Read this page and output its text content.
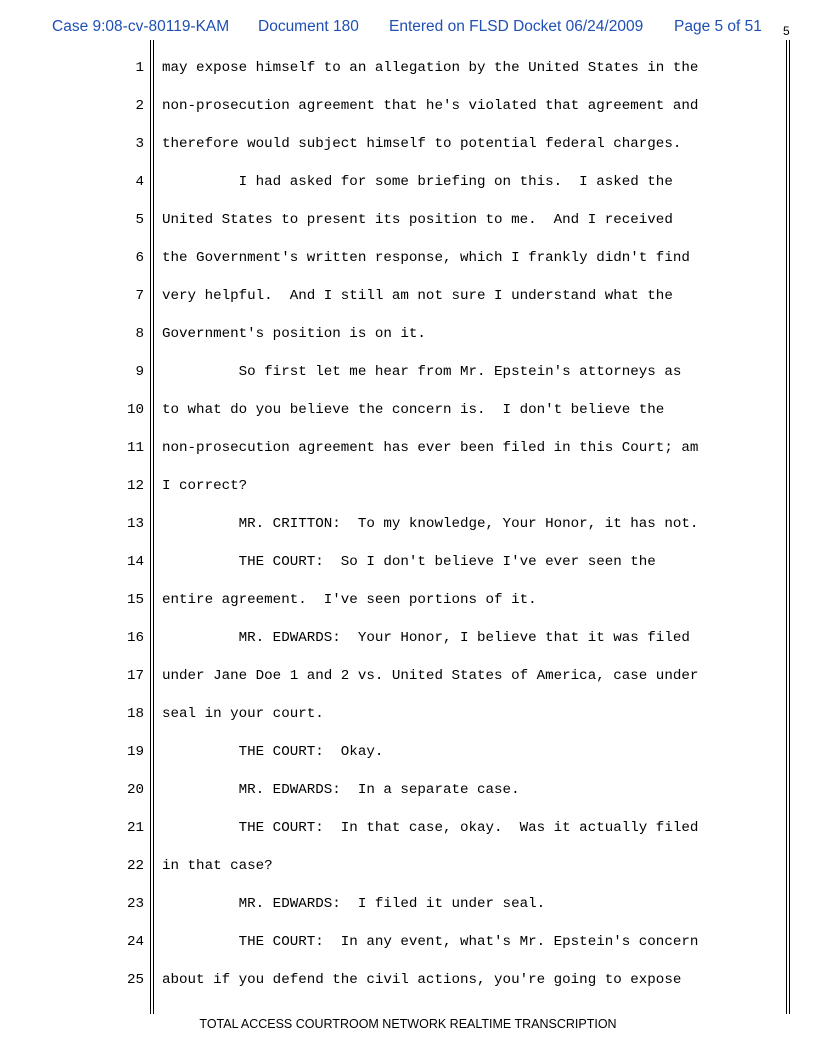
Case 9:08-cv-80119-KAM Document 180 Entered on FLSD Docket 06/24/2009 Page 5 of 51 5
1 may expose himself to an allegation by the United States in the
2 non-prosecution agreement that he's violated that agreement and
3 therefore would subject himself to potential federal charges.
4 I had asked for some briefing on this.  I asked the
5 United States to present its position to me.  And I received
6 the Government's written response, which I frankly didn't find
7 very helpful.  And I still am not sure I understand what the
8 Government's position is on it.
9 So first let me hear from Mr. Epstein's attorneys as
10 to what do you believe the concern is.  I don't believe the
11 non-prosecution agreement has ever been filed in this Court; am
12 I correct?
13 MR. CRITTON:  To my knowledge, Your Honor, it has not.
14 THE COURT:  So I don't believe I've ever seen the
15 entire agreement.  I've seen portions of it.
16 MR. EDWARDS:  Your Honor, I believe that it was filed
17 under Jane Doe 1 and 2 vs. United States of America, case under
18 seal in your court.
19 THE COURT:  Okay.
20 MR. EDWARDS:  In a separate case.
21 THE COURT:  In that case, okay.  Was it actually filed
22 in that case?
23 MR. EDWARDS:  I filed it under seal.
24 THE COURT:  In any event, what's Mr. Epstein's concern
25 about if you defend the civil actions, you're going to expose
TOTAL ACCESS COURTROOM NETWORK REALTIME TRANSCRIPTION
